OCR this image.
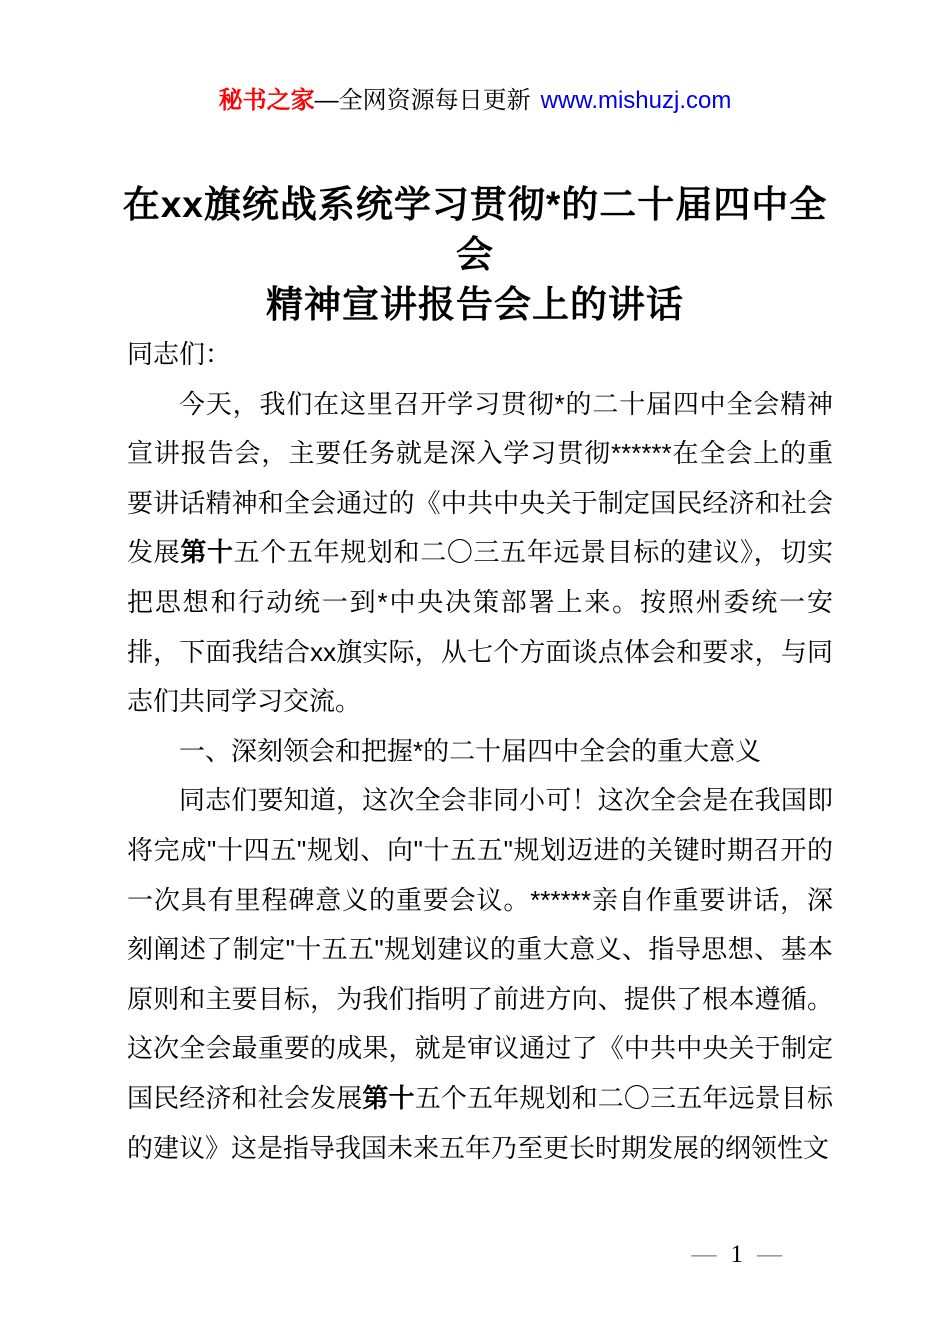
秘书之家—全网资源每日更新 www.mishuzj.com
在xx旗统战系统学习贯彻*的二十届四中全会
精神宣讲报告会上的讲话

同志们：

今天，我们在这里召开学习贯彻*的二十届四中全会精神宣讲报告会，主要任务就是深入学习贯彻******在全会上的重要讲话精神和全会通过的《中共中央关于制定国民经济和社会发展第十五个五年规划和二〇三五年远景目标的建议》，切实把思想和行动统一到*中央决策部署上来。按照州委统一安排，下面我结合xx旗实际，从七个方面谈点体会和要求，与同志们共同学习交流。

一、深刻领会和把握*的二十届四中全会的重大意义

同志们要知道，这次全会非同小可！这次全会是在我国即将完成"十四五"规划、向"十五五"规划迈进的关键时期召开的一次具有里程碑意义的重要会议。******亲自作重要讲话，深刻阐述了制定"十五五"规划建议的重大意义、指导思想、基本原则和主要目标，为我们指明了前进方向、提供了根本遵循。这次全会最重要的成果，就是审议通过了《中共中央关于制定国民经济和社会发展第十五个五年规划和二〇三五年远景目标的建议》这是指导我国未来五年乃至更长时期发展的纲领性文

— 1 —
